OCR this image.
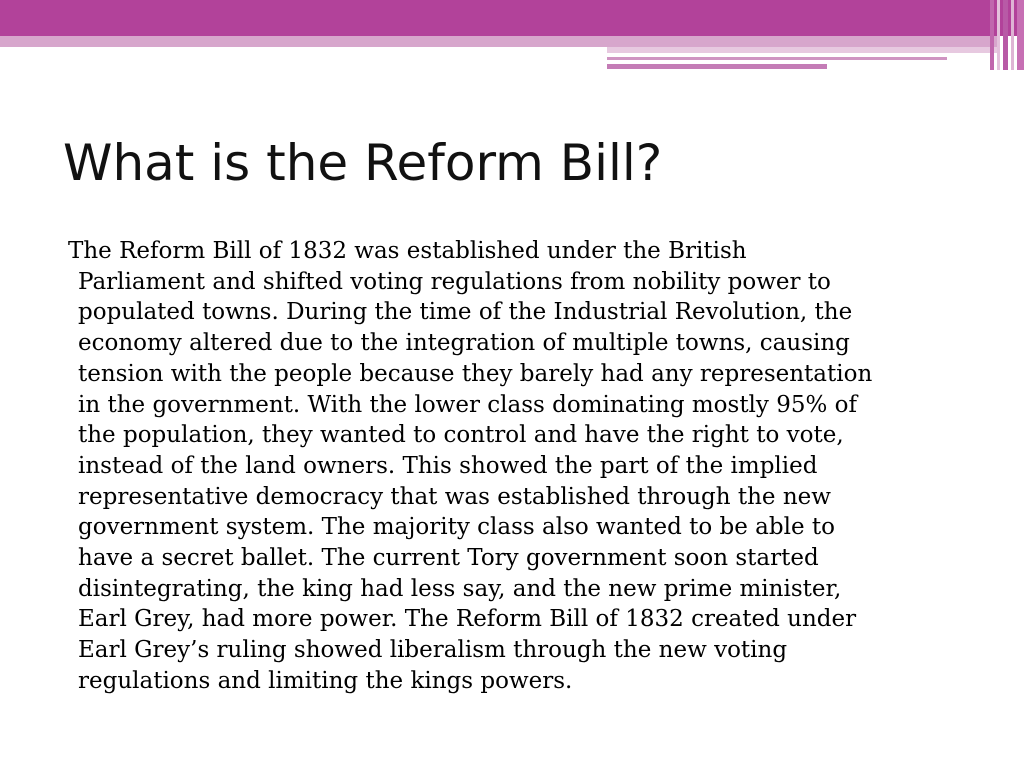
What is the Reform Bill?
The Reform Bill of 1832 was established under the British
Parliament and shifted voting regulations from nobility power to
populated towns. During the time of the Industrial Revolution, the
economy altered due to the integration of multiple towns, causing
tension with the people because they barely had any representation
in the government. With the lower class dominating mostly 95% of
the population, they wanted to control and have the right to vote,
instead of the land owners. This showed the part of the implied
representative democracy that was established through the new
government system. The majority class also wanted to be able to
have a secret ballet. The current Tory government soon started
disintegrating, the king had less say, and the new prime minister,
Earl Grey, had more power. The Reform Bill of 1832 created under
Earl Grey’s ruling showed liberalism through the new voting
regulations and limiting the kings powers.
